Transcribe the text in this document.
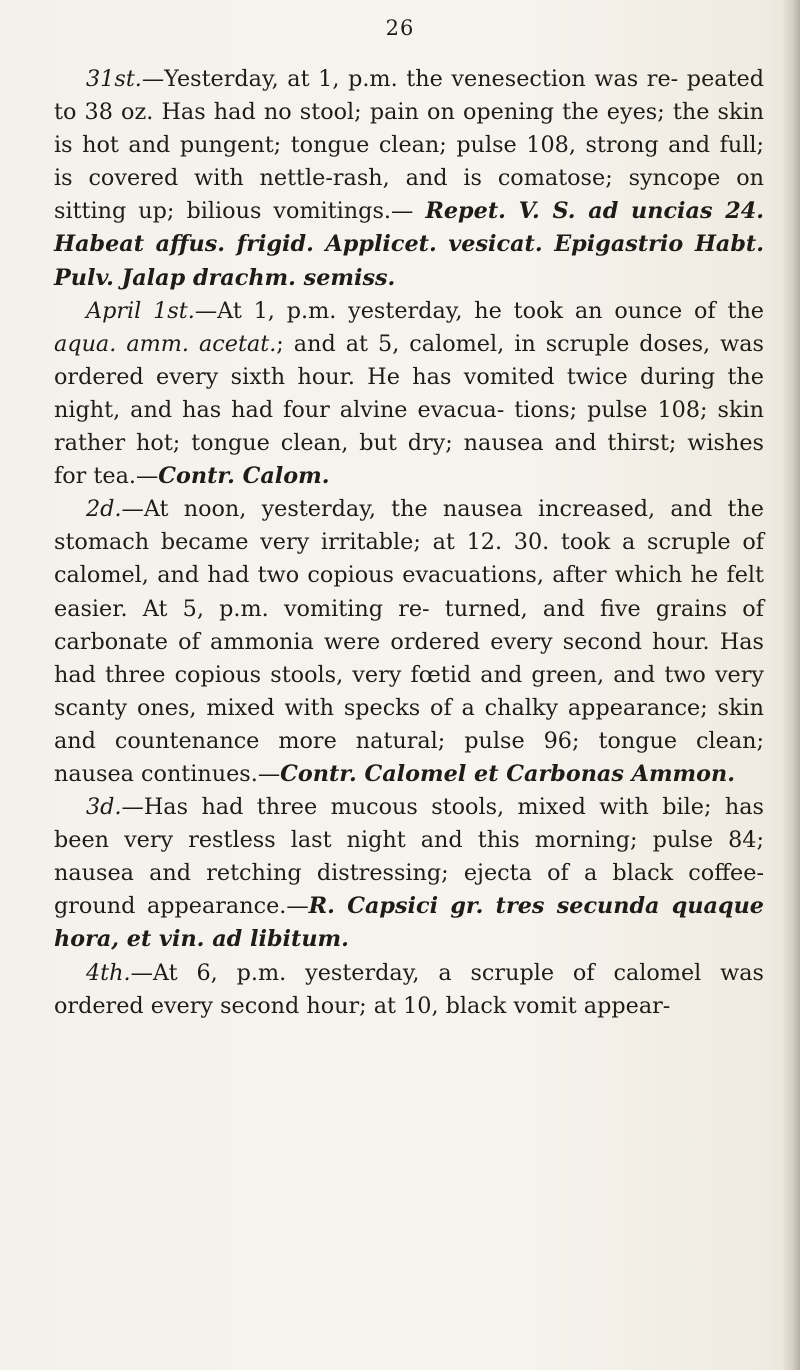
26

31st.—Yesterday, at 1, p.m. the venesection was re- peated to 38 oz. Has had no stool; pain on opening the eyes; the skin is hot and pungent; tongue clean; pulse 108, strong and full; is covered with nettle-rash, and is comatose; syncope on sitting up; bilious vomitings.— Repet. V. S. ad uncias 24. Habeat affus. frigid. Applicet. vesicat. Epigastrio Habt. Pulv. Jalap drachm. semiss.

April 1st.—At 1, p.m. yesterday, he took an ounce of the aqua. amm. acetat.; and at 5, calomel, in scruple doses, was ordered every sixth hour. He has vomited twice during the night, and has had four alvine evacua- tions; pulse 108; skin rather hot; tongue clean, but dry; nausea and thirst; wishes for tea.—Contr. Calom.

2d.—At noon, yesterday, the nausea increased, and the stomach became very irritable; at 12. 30. took a scruple of calomel, and had two copious evacuations, after which he felt easier. At 5, p.m. vomiting re- turned, and five grains of carbonate of ammonia were ordered every second hour. Has had three copious stools, very fœtid and green, and two very scanty ones, mixed with specks of a chalky appearance; skin and countenance more natural; pulse 96; tongue clean; nausea continues.—Contr. Calomel et Carbonas Ammon.

3d.—Has had three mucous stools, mixed with bile; has been very restless last night and this morning; pulse 84; nausea and retching distressing; ejecta of a black coffee-ground appearance.—R. Capsici gr. tres secunda quaque hora, et vin. ad libitum.

4th.—At 6, p.m. yesterday, a scruple of calomel was ordered every second hour; at 10, black vomit appear-
